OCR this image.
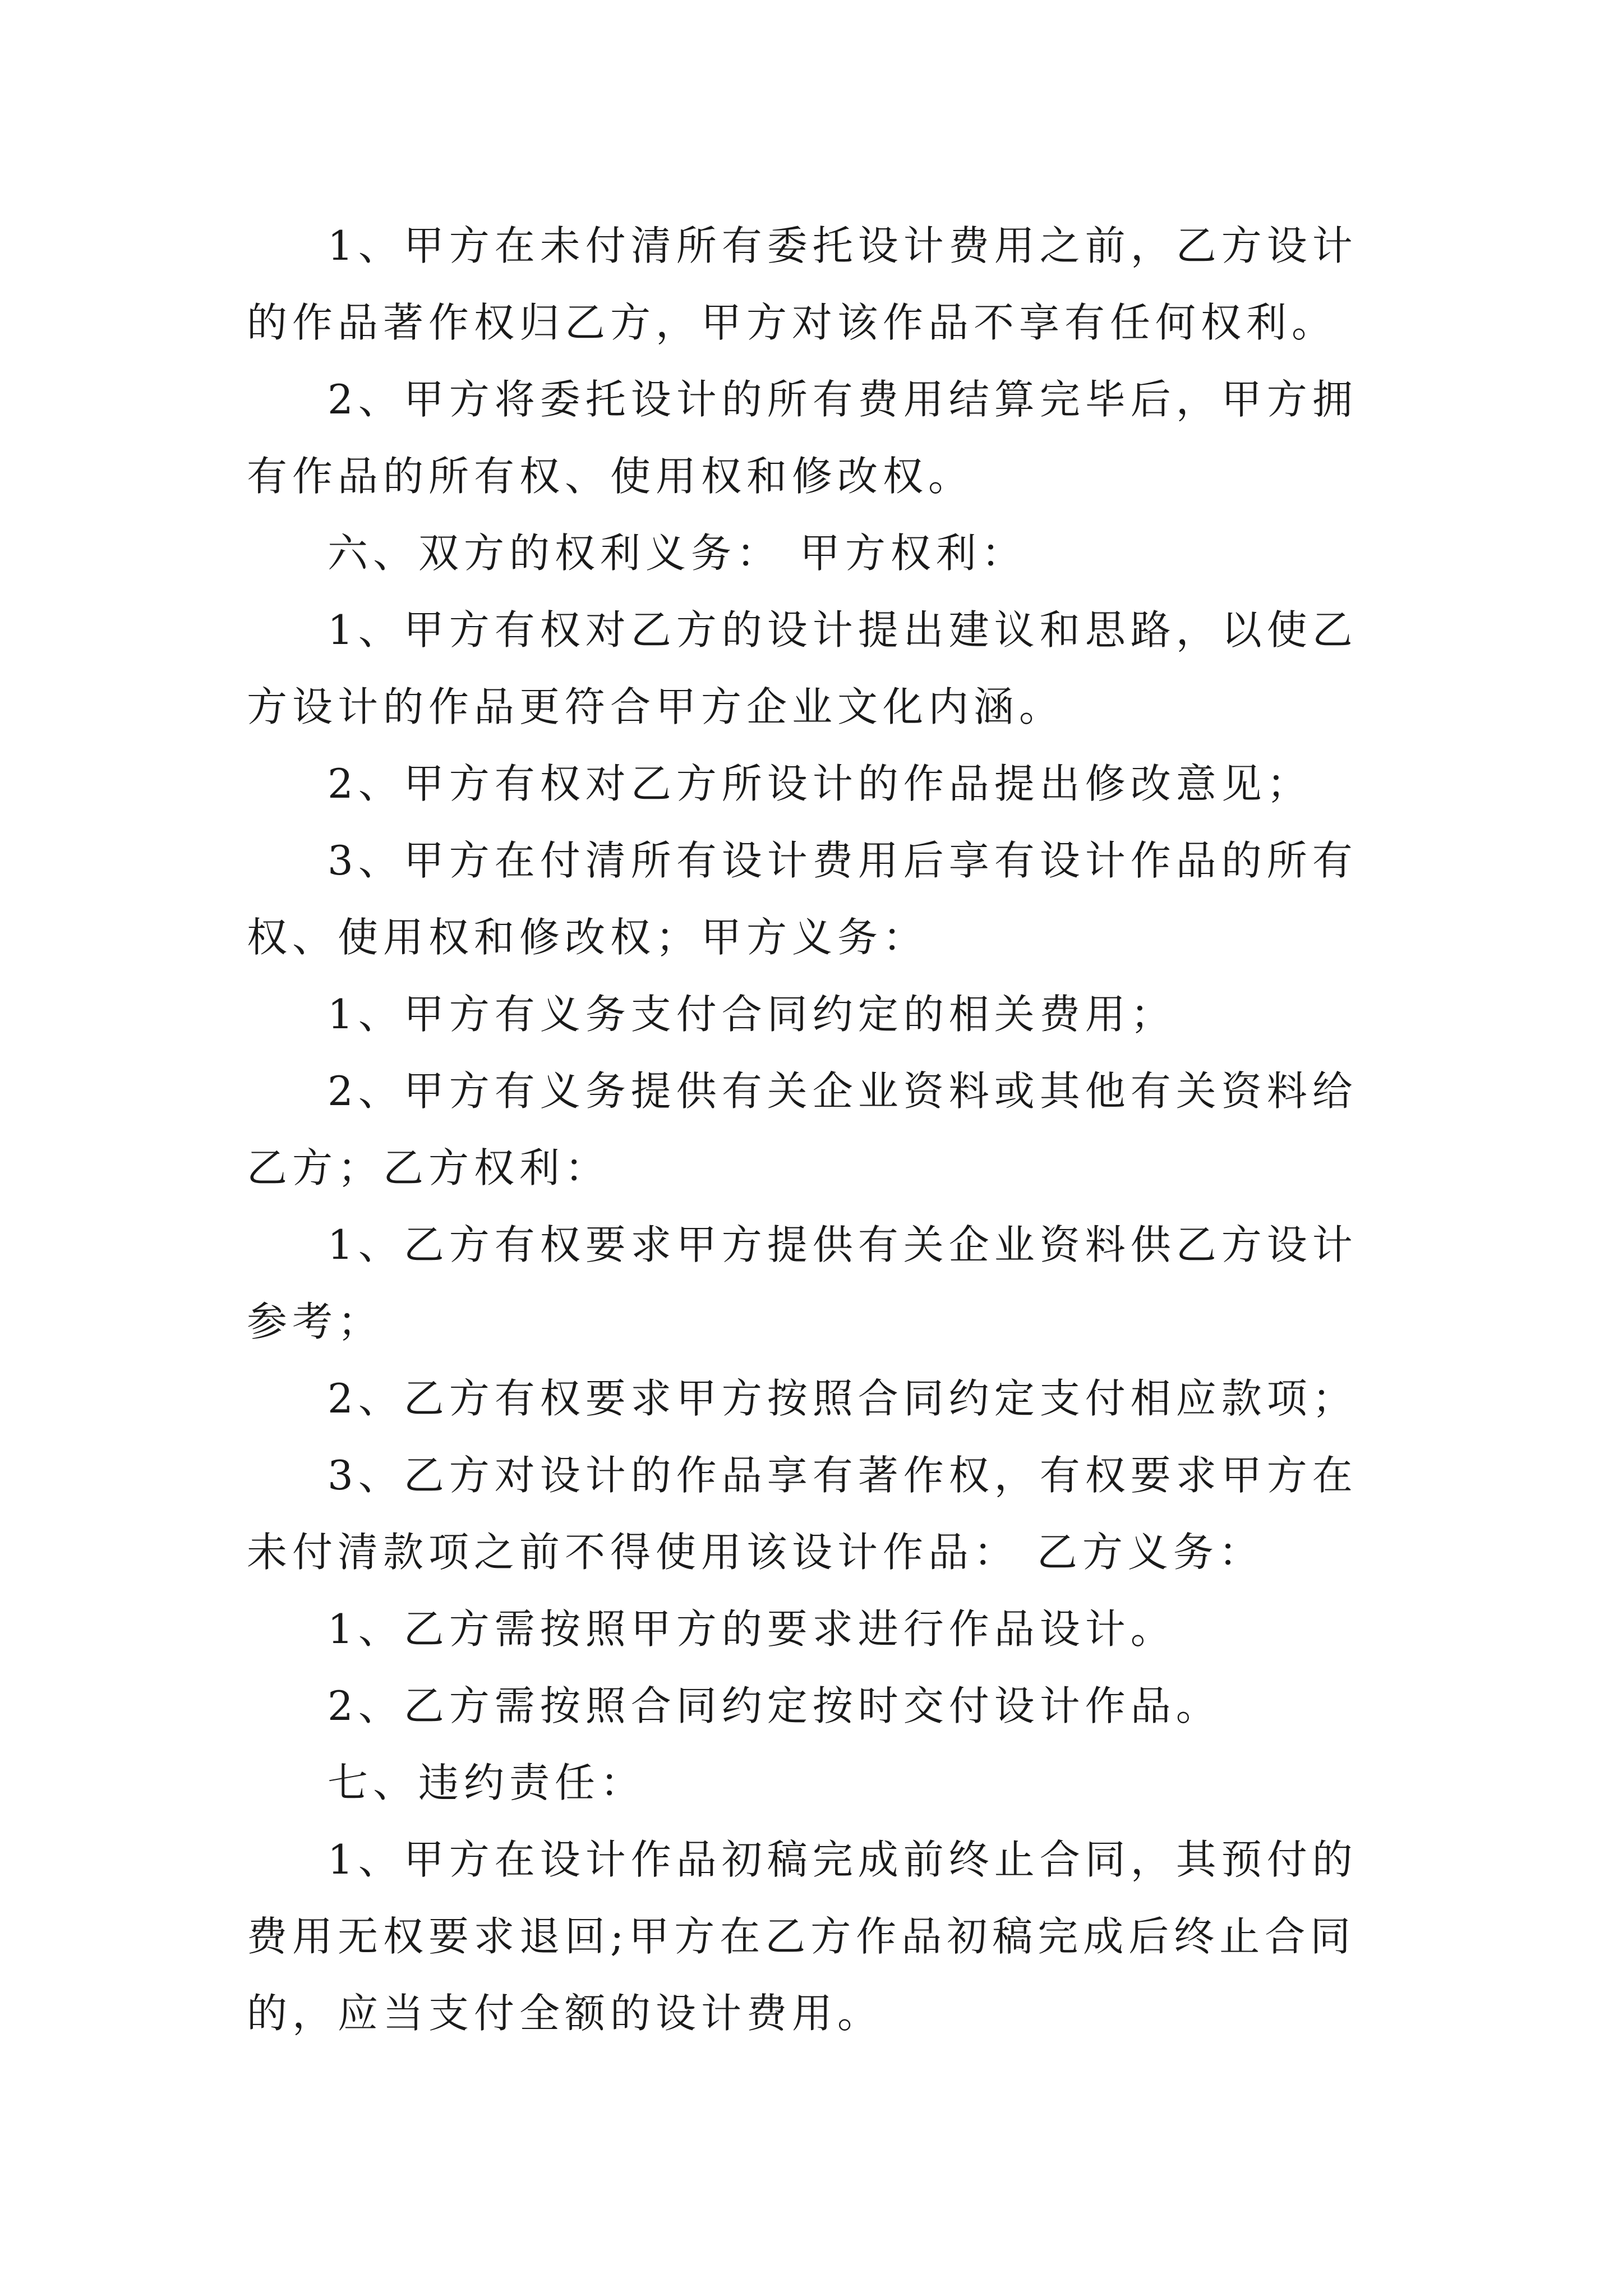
1、甲方在未付清所有委托设计费用之前，乙方设计的作品著作权归乙方，甲方对该作品不享有任何权利。

2、甲方将委托设计的所有费用结算完毕后，甲方拥有作品的所有权、使用权和修改权。

六、双方的权利义务： 甲方权利：

1、甲方有权对乙方的设计提出建议和思路，以使乙方设计的作品更符合甲方企业文化内涵。

2、甲方有权对乙方所设计的作品提出修改意见；

3、甲方在付清所有设计费用后享有设计作品的所有权、使用权和修改权；甲方义务：

1、甲方有义务支付合同约定的相关费用；

2、甲方有义务提供有关企业资料或其他有关资料给乙方；乙方权利：

1、乙方有权要求甲方提供有关企业资料供乙方设计参考；

2、乙方有权要求甲方按照合同约定支付相应款项；

3、乙方对设计的作品享有著作权，有权要求甲方在未付清款项之前不得使用该设计作品： 乙方义务：

1、乙方需按照甲方的要求进行作品设计。

2、乙方需按照合同约定按时交付设计作品。

七、违约责任：

1、甲方在设计作品初稿完成前终止合同，其预付的费用无权要求退回;甲方在乙方作品初稿完成后终止合同的，应当支付全额的设计费用。
